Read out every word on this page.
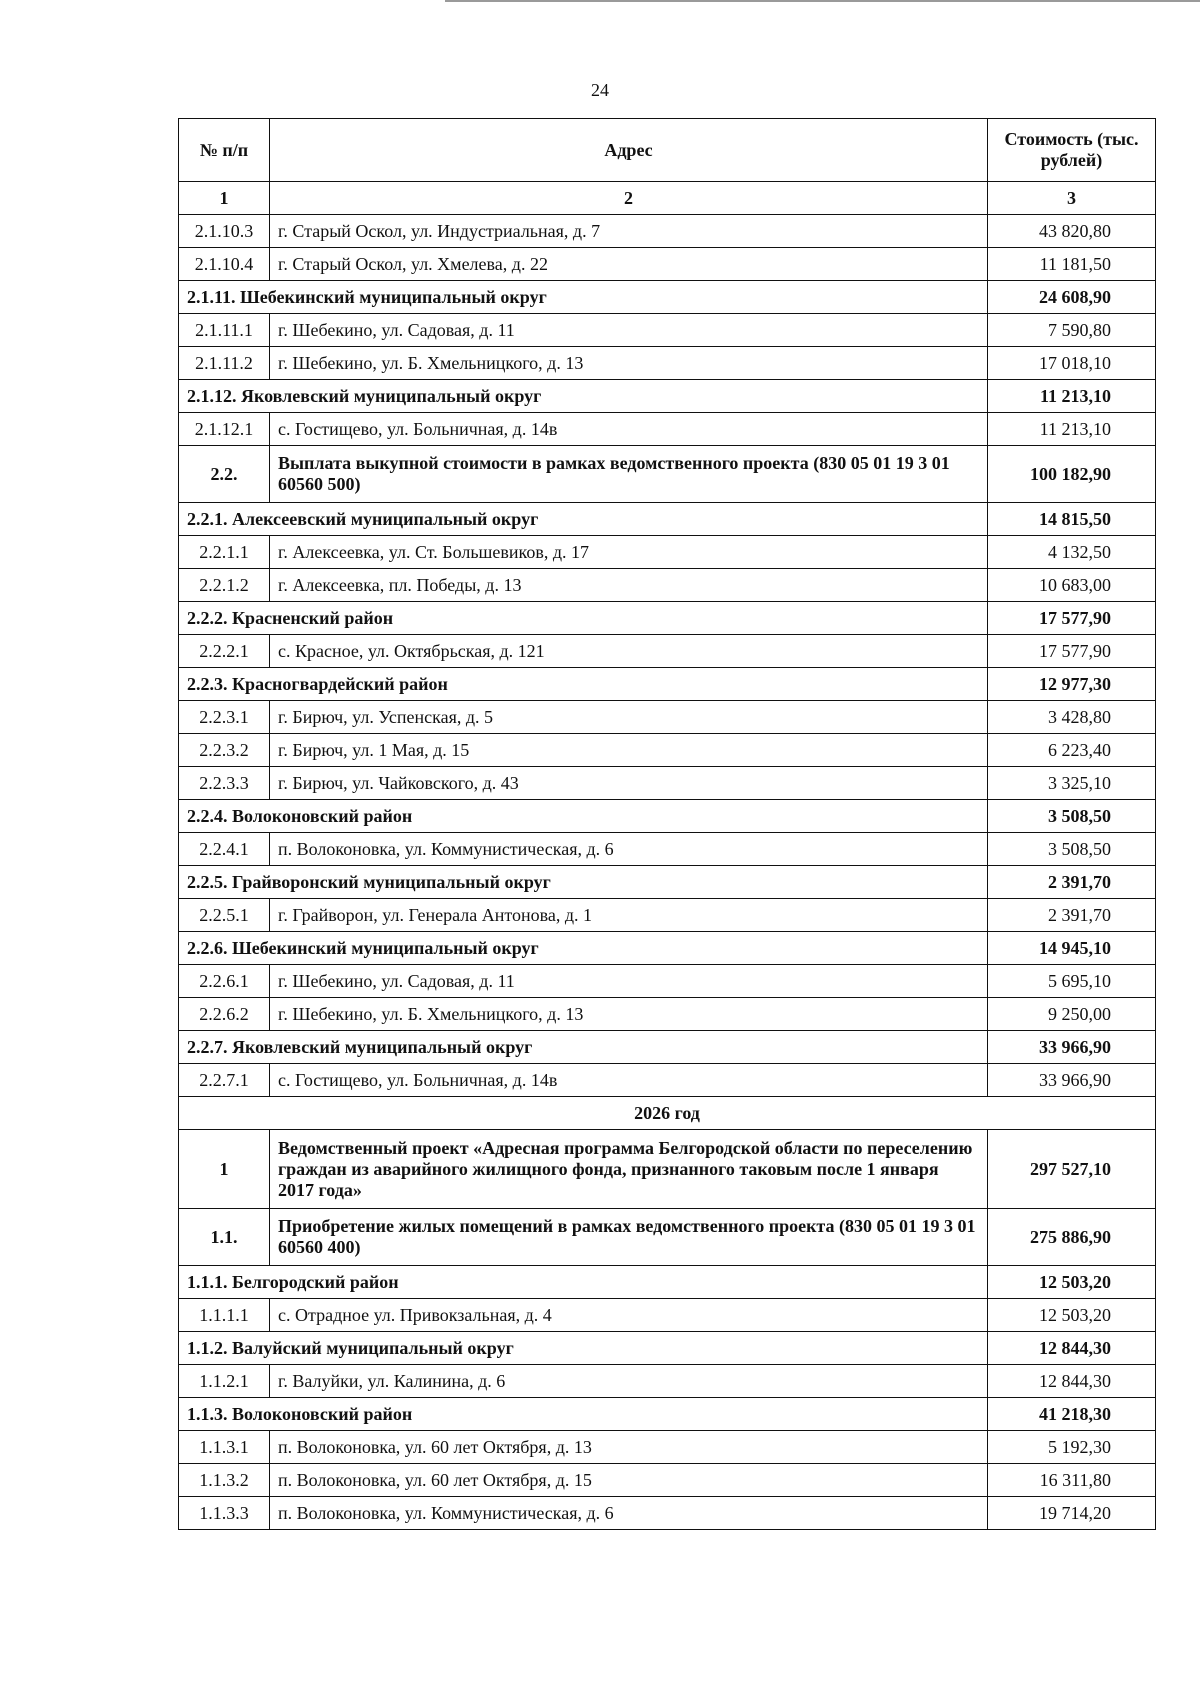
24
№ п/п	Адрес	Стоимость (тыс. рублей)
1	2	3
2.1.10.3	г. Старый Оскол, ул. Индустриальная, д. 7	43 820,80
2.1.10.4	г. Старый Оскол, ул. Хмелева, д. 22	11 181,50
2.1.11. Шебекинский муниципальный округ		24 608,90
2.1.11.1	г. Шебекино, ул. Садовая, д. 11	7 590,80
2.1.11.2	г. Шебекино, ул. Б. Хмельницкого, д. 13	17 018,10
2.1.12. Яковлевский муниципальный округ		11 213,10
2.1.12.1	с. Гостищево, ул. Больничная, д. 14в	11 213,10
2.2.	Выплата выкупной стоимости в рамках ведомственного проекта (830 05 01 19 3 01 60560 500)	100 182,90
2.2.1. Алексеевский муниципальный округ		14 815,50
2.2.1.1	г. Алексеевка, ул. Ст. Большевиков, д. 17	4 132,50
2.2.1.2	г. Алексеевка, пл. Победы, д. 13	10 683,00
2.2.2. Красненский район		17 577,90
2.2.2.1	с. Красное, ул. Октябрьская, д. 121	17 577,90
2.2.3. Красногвардейский район		12 977,30
2.2.3.1	г. Бирюч, ул. Успенская, д. 5	3 428,80
2.2.3.2	г. Бирюч, ул. 1 Мая, д. 15	6 223,40
2.2.3.3	г. Бирюч, ул. Чайковского, д. 43	3 325,10
2.2.4. Волоконовский район		3 508,50
2.2.4.1	п. Волоконовка, ул. Коммунистическая, д. 6	3 508,50
2.2.5. Грайворонский муниципальный округ		2 391,70
2.2.5.1	г. Грайворон, ул. Генерала Антонова, д. 1	2 391,70
2.2.6. Шебекинский муниципальный округ		14 945,10
2.2.6.1	г. Шебекино, ул. Садовая, д. 11	5 695,10
2.2.6.2	г. Шебекино, ул. Б. Хмельницкого, д. 13	9 250,00
2.2.7. Яковлевский муниципальный округ		33 966,90
2.2.7.1	с. Гостищево, ул. Больничная, д. 14в	33 966,90
2026 год		
1	Ведомственный проект «Адресная программа Белгородской области по переселению граждан из аварийного жилищного фонда, признанного таковым после 1 января 2017 года»	297 527,10
1.1.	Приобретение жилых помещений в рамках ведомственного проекта (830 05 01 19 3 01 60560 400)	275 886,90
1.1.1. Белгородский район		12 503,20
1.1.1.1	с. Отрадное ул. Привокзальная, д. 4	12 503,20
1.1.2. Валуйский муниципальный округ		12 844,30
1.1.2.1	г. Валуйки, ул. Калинина, д. 6	12 844,30
1.1.3. Волоконовский район		41 218,30
1.1.3.1	п. Волоконовка, ул. 60 лет Октября, д. 13	5 192,30
1.1.3.2	п. Волоконовка, ул. 60 лет Октября, д. 15	16 311,80
1.1.3.3	п. Волоконовка, ул. Коммунистическая, д. 6	19 714,20
